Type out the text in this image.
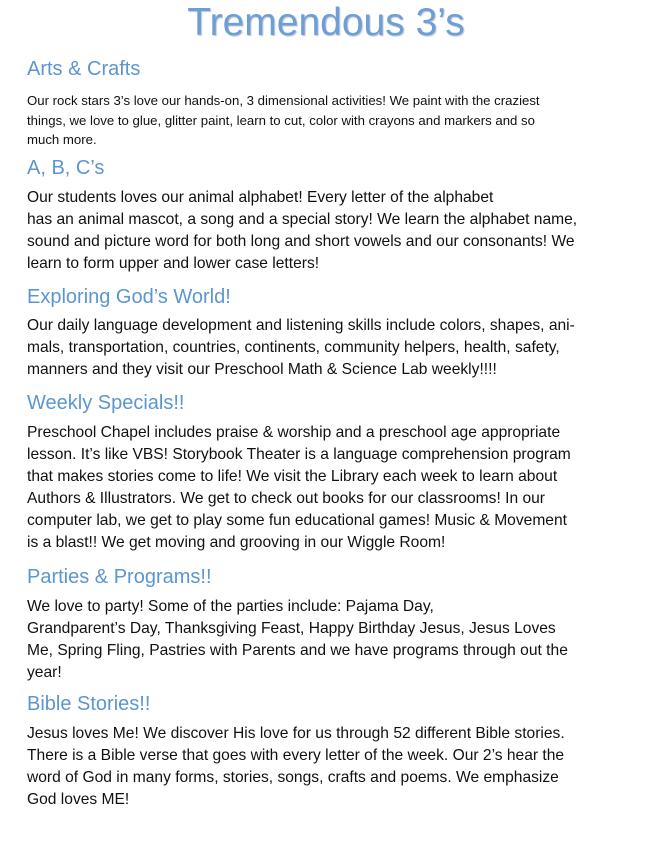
Tremendous 3’s
Arts & Crafts

Our rock stars 3’s love our hands-on, 3 dimensional activities! We paint with the craziest
things, we love to glue, glitter paint, learn to cut, color with crayons and markers and so
much more.

A, B, C’s

Our students loves our animal alphabet! Every letter of the alphabet
has an animal mascot, a song and a special story! We learn the alphabet name,
sound and picture word for both long and short vowels and our consonants! We
learn to form upper and lower case letters!

Exploring God’s World!

Our daily language development and listening skills include colors, shapes, ani-
mals, transportation, countries, continents, community helpers, health, safety,
manners and they visit our Preschool Math & Science Lab weekly!!!!

Weekly Specials!!

Preschool Chapel includes praise & worship and a preschool age appropriate
lesson. It’s like VBS! Storybook Theater is a language comprehension program
that makes stories come to life! We visit the Library each week to learn about
Authors & Illustrators. We get to check out books for our classrooms! In our
computer lab, we get to play some fun educational games! Music & Movement
is a blast!! We get moving and grooving in our Wiggle Room!

Parties & Programs!!

We love to party! Some of the parties include: Pajama Day,
Grandparent’s Day, Thanksgiving Feast, Happy Birthday Jesus, Jesus Loves
Me, Spring Fling, Pastries with Parents and we have programs through out the
year!

Bible Stories!!

Jesus loves Me! We discover His love for us through 52 different Bible stories.
There is a Bible verse that goes with every letter of the week. Our 2’s hear the
word of God in many forms, stories, songs, crafts and poems. We emphasize
God loves ME!
